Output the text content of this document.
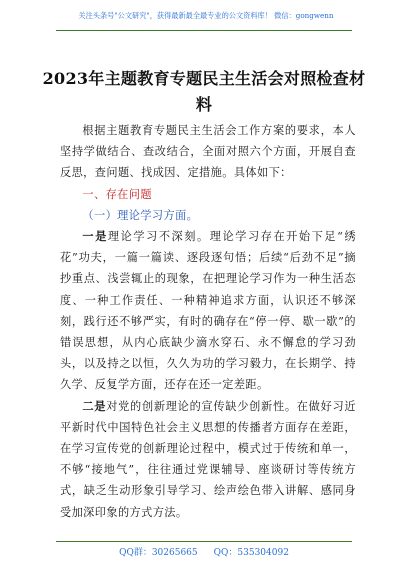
关注头条号"公文研究"，获得最新最全最专业的公文资料库！ 微信：gongwenn
2023年主题教育专题民主生活会对照检查材料

根据主题教育专题民主生活会工作方案的要求，本人坚持学做结合、查改结合，全面对照六个方面，开展自查反思，查问题、找成因、定措施。具体如下：

一、存在问题

（一）理论学习方面。

一是理论学习不深刻。理论学习存在开始下足“绣花”功夫，一篇一篇读、逐段逐句悟；后续“后劲不足”摘抄重点、浅尝辄止的现象，在把理论学习作为一种生活态度、一种工作责任、一种精神追求方面，认识还不够深刻，践行还不够严实，有时的确存在“停一停、歇一歇”的错误思想，从内心底缺少滴水穿石、永不懈怠的学习劲头，以及持之以恒，久久为功的学习毅力，在长期学、持久学、反复学方面，还存在还一定差距。

二是对党的创新理论的宣传缺少创新性。在做好习近平新时代中国特色社会主义思想的传播者方面存在差距，在学习宣传党的创新理论过程中，模式过于传统和单一，不够“接地气”，往往通过党课辅导、座谈研讨等传统方式，缺乏生动形象引导学习、绘声绘色带入讲解、感同身受加深印象的方式方法。

QQ群：30265665 QQ：535304092
